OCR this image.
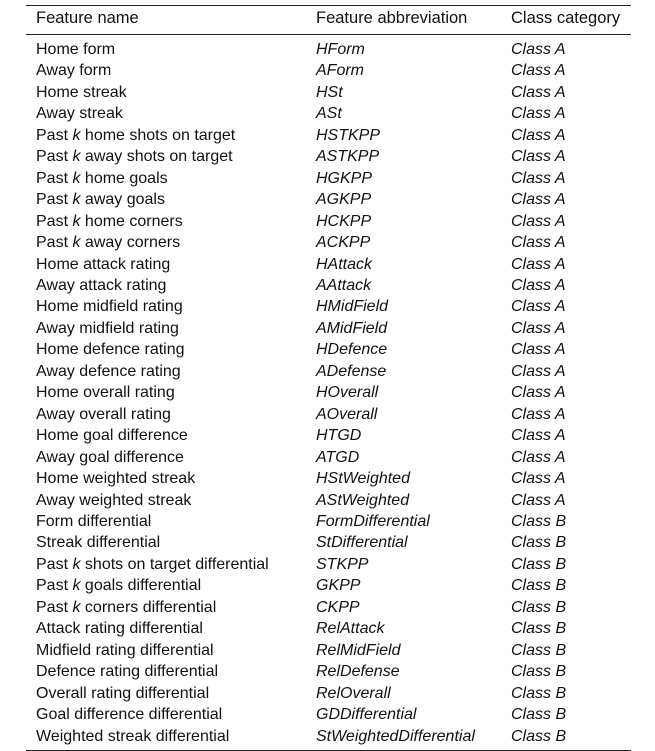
Feature name	Feature abbreviation	Class category
Home form	HForm	Class A
Away form	AForm	Class A
Home streak	HSt	Class A
Away streak	ASt	Class A
Past k home shots on target	HSTKPP	Class A
Past k away shots on target	ASTKPP	Class A
Past k home goals	HGKPP	Class A
Past k away goals	AGKPP	Class A
Past k home corners	HCKPP	Class A
Past k away corners	ACKPP	Class A
Home attack rating	HAttack	Class A
Away attack rating	AAttack	Class A
Home midfield rating	HMidField	Class A
Away midfield rating	AMidField	Class A
Home defence rating	HDefence	Class A
Away defence rating	ADefense	Class A
Home overall rating	HOverall	Class A
Away overall rating	AOverall	Class A
Home goal difference	HTGD	Class A
Away goal difference	ATGD	Class A
Home weighted streak	HStWeighted	Class A
Away weighted streak	AStWeighted	Class A
Form differential	FormDifferential	Class B
Streak differential	StDifferential	Class B
Past k shots on target differential	STKPP	Class B
Past k goals differential	GKPP	Class B
Past k corners differential	CKPP	Class B
Attack rating differential	RelAttack	Class B
Midfield rating differential	RelMidField	Class B
Defence rating differential	RelDefense	Class B
Overall rating differential	RelOverall	Class B
Goal difference differential	GDDifferential	Class B
Weighted streak differential	StWeightedDifferential	Class B
